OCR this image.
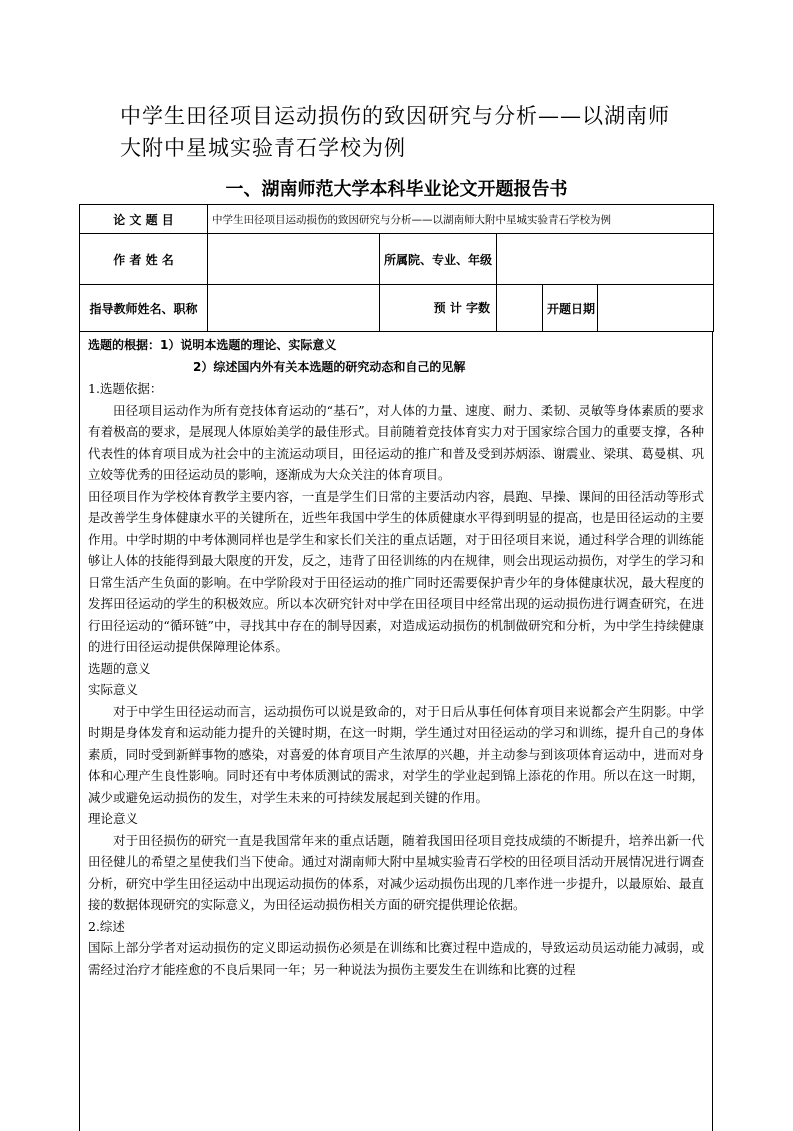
中学生田径项目运动损伤的致因研究与分析——以湖南师大附中星城实验青石学校为例
一、湖南师范大学本科毕业论文开题报告书
论 文 题 目	中学生田径项目运动损伤的致因研究与分析——以湖南师大附中星城实验青石学校为例				
作 者 姓 名		所属院、专业、年级			
指导教师姓名、职称		预 计 字数		开题日期	

选题的根据：1）说明本选题的理论、实际意义

2）综述国内外有关本选题的研究动态和自己的见解

1.选题依据：

田径项目运动作为所有竞技体育运动的“基石”，对人体的力量、速度、耐力、柔韧、灵敏等身体素质的要求有着极高的要求，是展现人体原始美学的最佳形式。目前随着竞技体育实力对于国家综合国力的重要支撑，各种代表性的体育项目成为社会中的主流运动项目，田径运动的推广和普及受到苏炳添、谢震业、梁琪、葛曼棋、巩立姣等优秀的田径运动员的影响，逐渐成为大众关注的体育项目。

田径项目作为学校体育教学主要内容，一直是学生们日常的主要活动内容，晨跑、早操、课间的田径活动等形式是改善学生身体健康水平的关键所在，近些年我国中学生的体质健康水平得到明显的提高，也是田径运动的主要作用。中学时期的中考体测同样也是学生和家长们关注的重点话题，对于田径项目来说，通过科学合理的训练能够让人体的技能得到最大限度的开发，反之，违背了田径训练的内在规律，则会出现运动损伤，对学生的学习和日常生活产生负面的影响。在中学阶段对于田径运动的推广同时还需要保护青少年的身体健康状况，最大程度的发挥田径运动的学生的积极效应。所以本次研究针对中学在田径项目中经常出现的运动损伤进行调查研究，在进行田径运动的“循环链”中，寻找其中存在的制导因素，对造成运动损伤的机制做研究和分析，为中学生持续健康的进行田径运动提供保障理论体系。

选题的意义

实际意义

对于中学生田径运动而言，运动损伤可以说是致命的，对于日后从事任何体育项目来说都会产生阴影。中学时期是身体发育和运动能力提升的关键时期，在这一时期，学生通过对田径运动的学习和训练，提升自己的身体素质，同时受到新鲜事物的感染，对喜爱的体育项目产生浓厚的兴趣，并主动参与到该项体育运动中，进而对身体和心理产生良性影响。同时还有中考体质测试的需求，对学生的学业起到锦上添花的作用。所以在这一时期，减少或避免运动损伤的发生，对学生未来的可持续发展起到关键的作用。

理论意义

对于田径损伤的研究一直是我国常年来的重点话题，随着我国田径项目竞技成绩的不断提升，培养出新一代田径健儿的希望之星使我们当下使命。通过对湖南师大附中星城实验青石学校的田径项目活动开展情况进行调查分析，研究中学生田径运动中出现运动损伤的体系，对减少运动损伤出现的几率作进一步提升，以最原始、最直接的数据体现研究的实际意义，为田径运动损伤相关方面的研究提供理论依据。

2.综述

国际上部分学者对运动损伤的定义即运动损伤必须是在训练和比赛过程中造成的，导致运动员运动能力减弱，或需经过治疗才能痊愈的不良后果同一年；另一种说法为损伤主要发生在训练和比赛的过程
